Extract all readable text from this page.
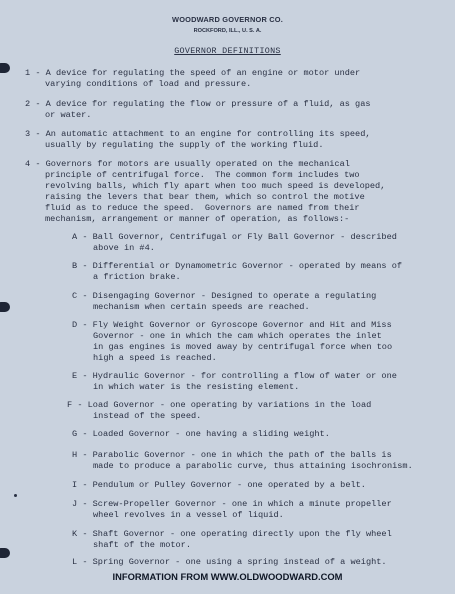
WOODWARD GOVERNOR CO.
ROCKFORD, ILL., U. S. A.
GOVERNOR DEFINITIONS
1 - A device for regulating the speed of an engine or motor under
varying conditions of load and pressure.
2 - A device for regulating the flow or pressure of a fluid, as gas
or water.
3 - An automatic attachment to an engine for controlling its speed,
usually by regulating the supply of the working fluid.
4 - Governors for motors are usually operated on the mechanical
principle of centrifugal force.  The common form includes two
revolving balls, which fly apart when too much speed is developed,
raising the levers that bear them, which so control the motive
fluid as to reduce the speed.  Governors are named from their
mechanism, arrangement or manner of operation, as follows:-
A - Ball Governor, Centrifugal or Fly Ball Governor - described
above in #4.
B - Differential or Dynamometric Governor - operated by means of
a friction brake.
C - Disengaging Governor - Designed to operate a regulating
mechanism when certain speeds are reached.
D - Fly Weight Governor or Gyroscope Governor and Hit and Miss
Governor - one in which the cam which operates the inlet
in gas engines is moved away by centrifugal force when too
high a speed is reached.
E - Hydraulic Governor - for controlling a flow of water or one
in which water is the resisting element.
F - Load Governor - one operating by variations in the load
instead of the speed.
G - Loaded Governor - one having a sliding weight.
H - Parabolic Governor - one in which the path of the balls is
made to produce a parabolic curve, thus attaining isochronism.
I - Pendulum or Pulley Governor - one operated by a belt.
J - Screw-Propeller Governor - one in which a minute propeller
wheel revolves in a vessel of liquid.
K - Shaft Governor - one operating directly upon the fly wheel
shaft of the motor.
L - Spring Governor - one using a spring instead of a weight.
INFORMATION FROM WWW.OLDWOODWARD.COM
